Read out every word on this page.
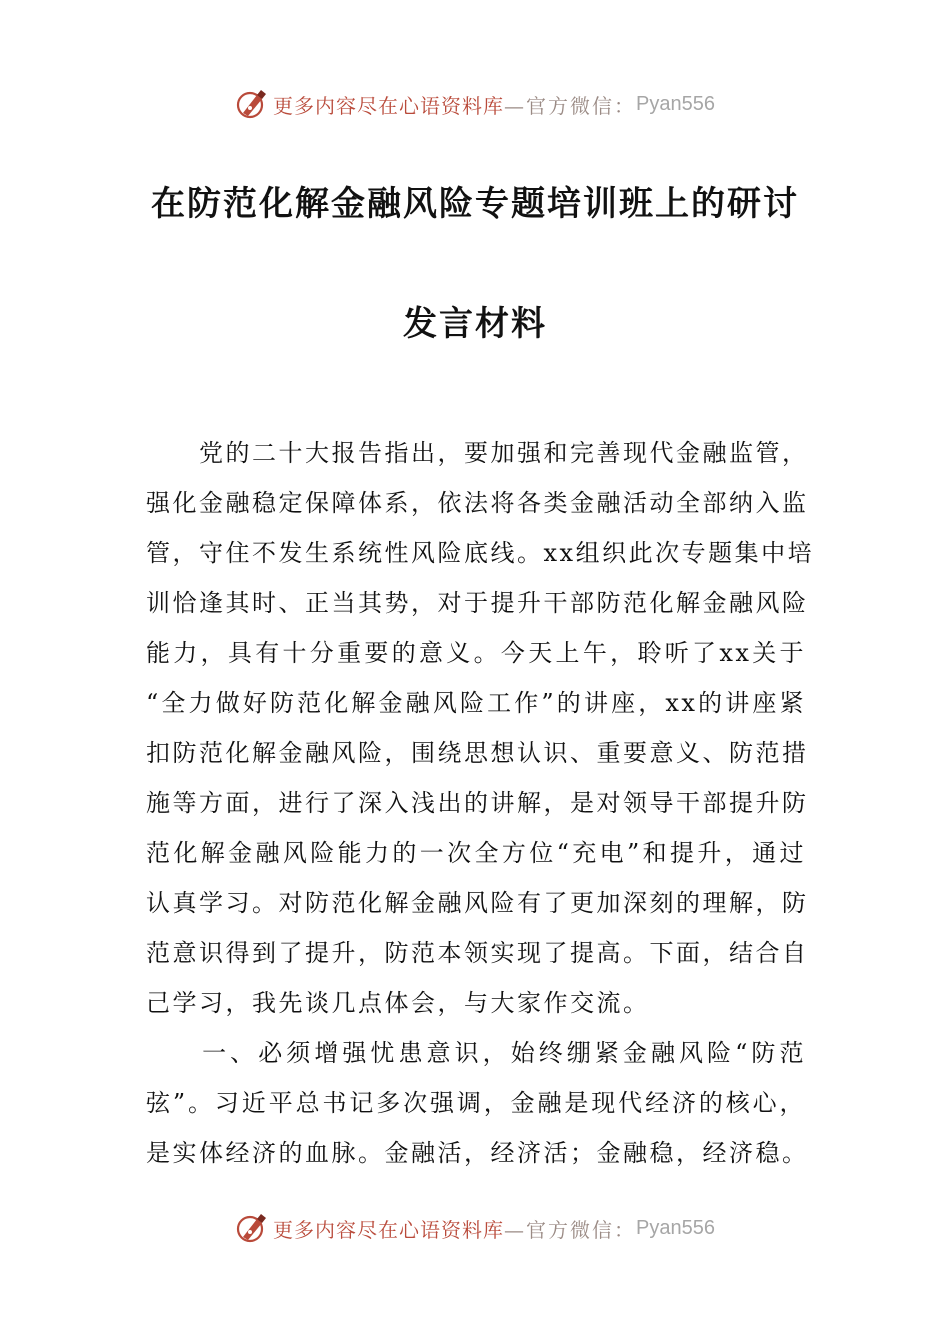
更多内容尽在心语资料库 —官方微信： Pyan556
在防范化解金融风险专题培训班上的研讨
发言材料
　　党的二十大报告指出，要加强和完善现代金融监管，
强化金融稳定保障体系，依法将各类金融活动全部纳入监
管，守住不发生系统性风险底线。xx组织此次专题集中培
训恰逢其时、正当其势，对于提升干部防范化解金融风险
能力，具有十分重要的意义。今天上午，聆听了xx关于
“全力做好防范化解金融风险工作”的讲座，xx的讲座紧
扣防范化解金融风险，围绕思想认识、重要意义、防范措
施等方面，进行了深入浅出的讲解，是对领导干部提升防
范化解金融风险能力的一次全方位“充电”和提升，通过
认真学习。对防范化解金融风险有了更加深刻的理解，防
范意识得到了提升，防范本领实现了提高。下面，结合自
己学习，我先谈几点体会，与大家作交流。
　　一、必须增强忧患意识，始终绷紧金融风险“防范
弦”。习近平总书记多次强调，金融是现代经济的核心，
是实体经济的血脉。金融活，经济活；金融稳，经济稳。
更多内容尽在心语资料库 —官方微信： Pyan556
